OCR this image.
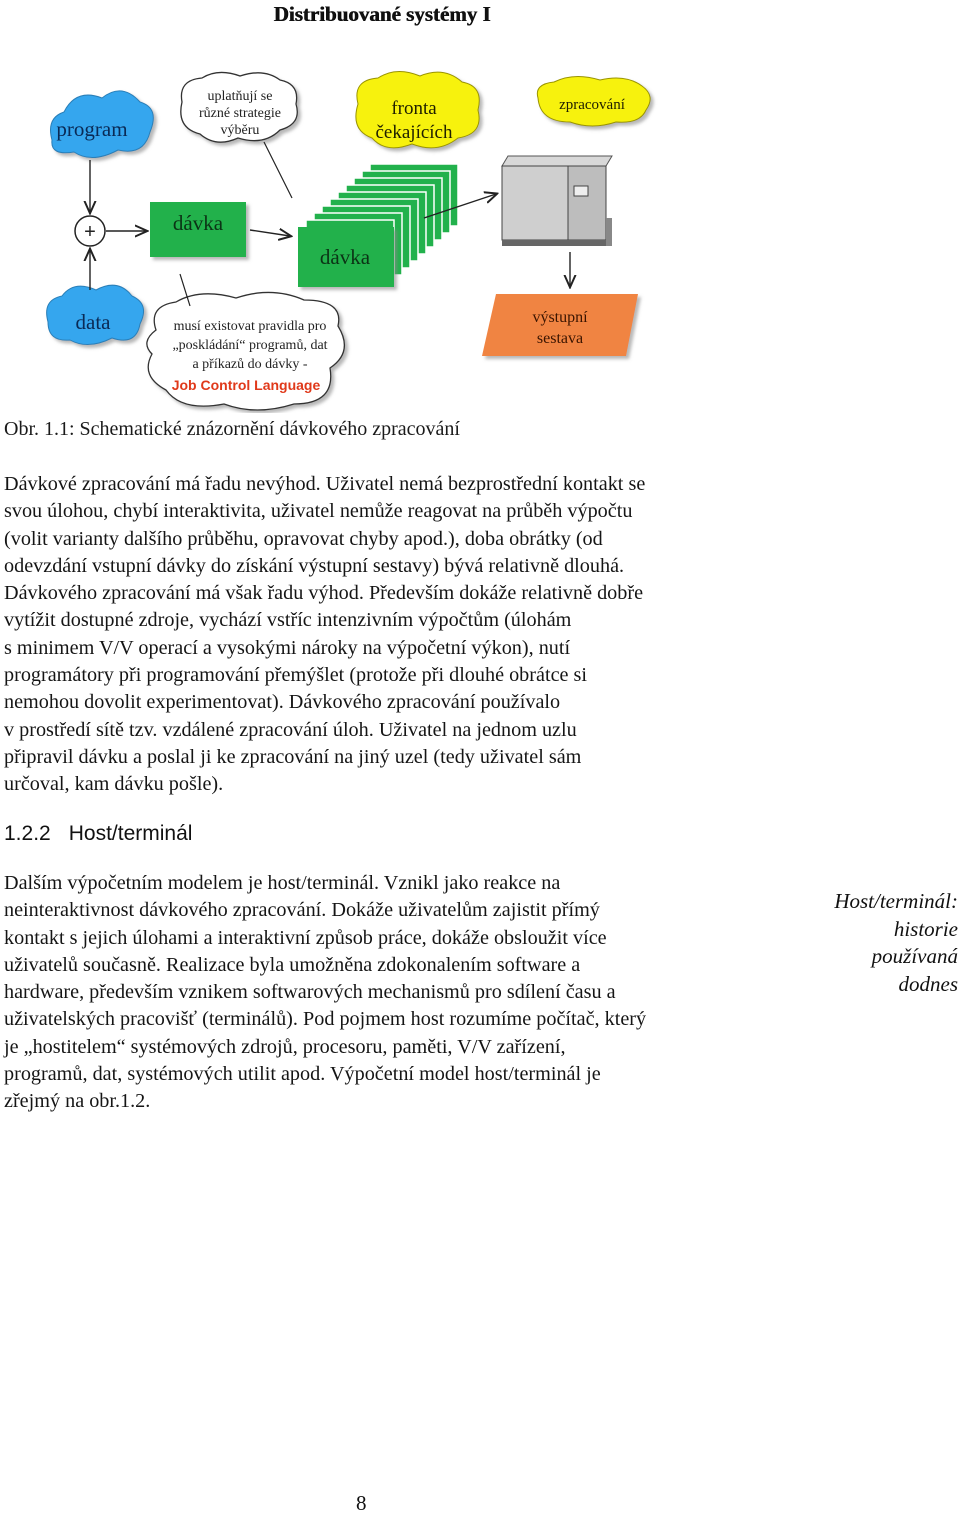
Distribuované systémy I
program
+
data
dávka
dávka
uplatňují se
různé strategie
výběru
fronta
čekajících
zpracování
výstupní
sestava
musí existovat pravidla pro
„poskládání“ programů, dat
a příkazů do dávky -
Job Control Language
Obr. 1.1: Schematické znázornění dávkového zpracování
Dávkové zpracování má řadu nevýhod. Uživatel nemá bezprostřední kontakt se
svou úlohou, chybí interaktivita, uživatel nemůže reagovat na průběh výpočtu
(volit varianty dalšího průběhu, opravovat chyby apod.), doba obrátky (od
odevzdání vstupní dávky do získání výstupní sestavy) bývá relativně dlouhá.
Dávkového zpracování má však řadu výhod. Především dokáže relativně dobře
vytížit dostupné zdroje, vychází vstříc intenzivním výpočtům (úlohám
s minimem V/V operací a vysokými nároky na výpočetní výkon), nutí
programátory při programování přemýšlet (protože při dlouhé obrátce si
nemohou dovolit experimentovat). Dávkového zpracování používalo
v prostředí sítě tzv. vzdálené zpracování úloh. Uživatel na jednom uzlu
připravil dávku a poslal ji ke zpracování na jiný uzel (tedy uživatel sám
určoval, kam dávku pošle).
1.2.2 Host/terminál
Dalším výpočetním modelem je host/terminál. Vznikl jako reakce na
neinteraktivnost dávkového zpracování. Dokáže uživatelům zajistit přímý
kontakt s jejich úlohami a interaktivní způsob práce, dokáže obsloužit více
uživatelů současně. Realizace byla umožněna zdokonalením software a
hardware, především vznikem softwarových mechanismů pro sdílení času a
uživatelských pracovišť (terminálů). Pod pojmem host rozumíme počítač, který
je „hostitelem“ systémových zdrojů, procesoru, paměti, V/V zařízení,
programů, dat, systémových utilit apod. Výpočetní model host/terminál je
zřejmý na obr.1.2.
Host/terminál:
historie
používaná
dodnes
8
